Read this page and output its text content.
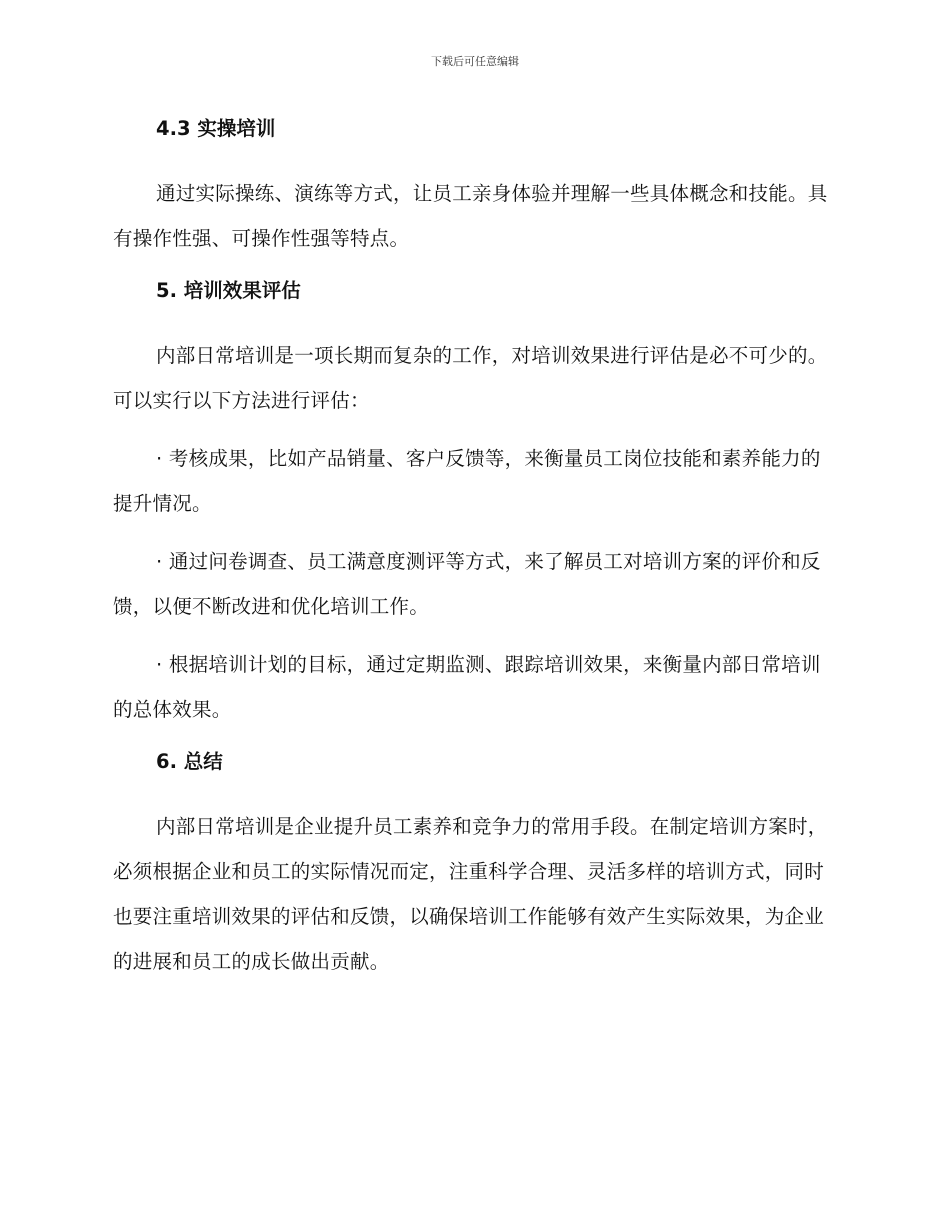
下载后可任意编辑
4.3 实操培训

通过实际操练、演练等方式，让员工亲身体验并理解一些具体概念和技能。具有操作性强、可操作性强等特点。

5. 培训效果评估

内部日常培训是一项长期而复杂的工作，对培训效果进行评估是必不可少的。可以实行以下方法进行评估：

· 考核成果，比如产品销量、客户反馈等，来衡量员工岗位技能和素养能力的提升情况。

· 通过问卷调查、员工满意度测评等方式，来了解员工对培训方案的评价和反馈，以便不断改进和优化培训工作。

· 根据培训计划的目标，通过定期监测、跟踪培训效果，来衡量内部日常培训的总体效果。

6. 总结

内部日常培训是企业提升员工素养和竞争力的常用手段。在制定培训方案时，必须根据企业和员工的实际情况而定，注重科学合理、灵活多样的培训方式，同时也要注重培训效果的评估和反馈，以确保培训工作能够有效产生实际效果，为企业的进展和员工的成长做出贡献。
